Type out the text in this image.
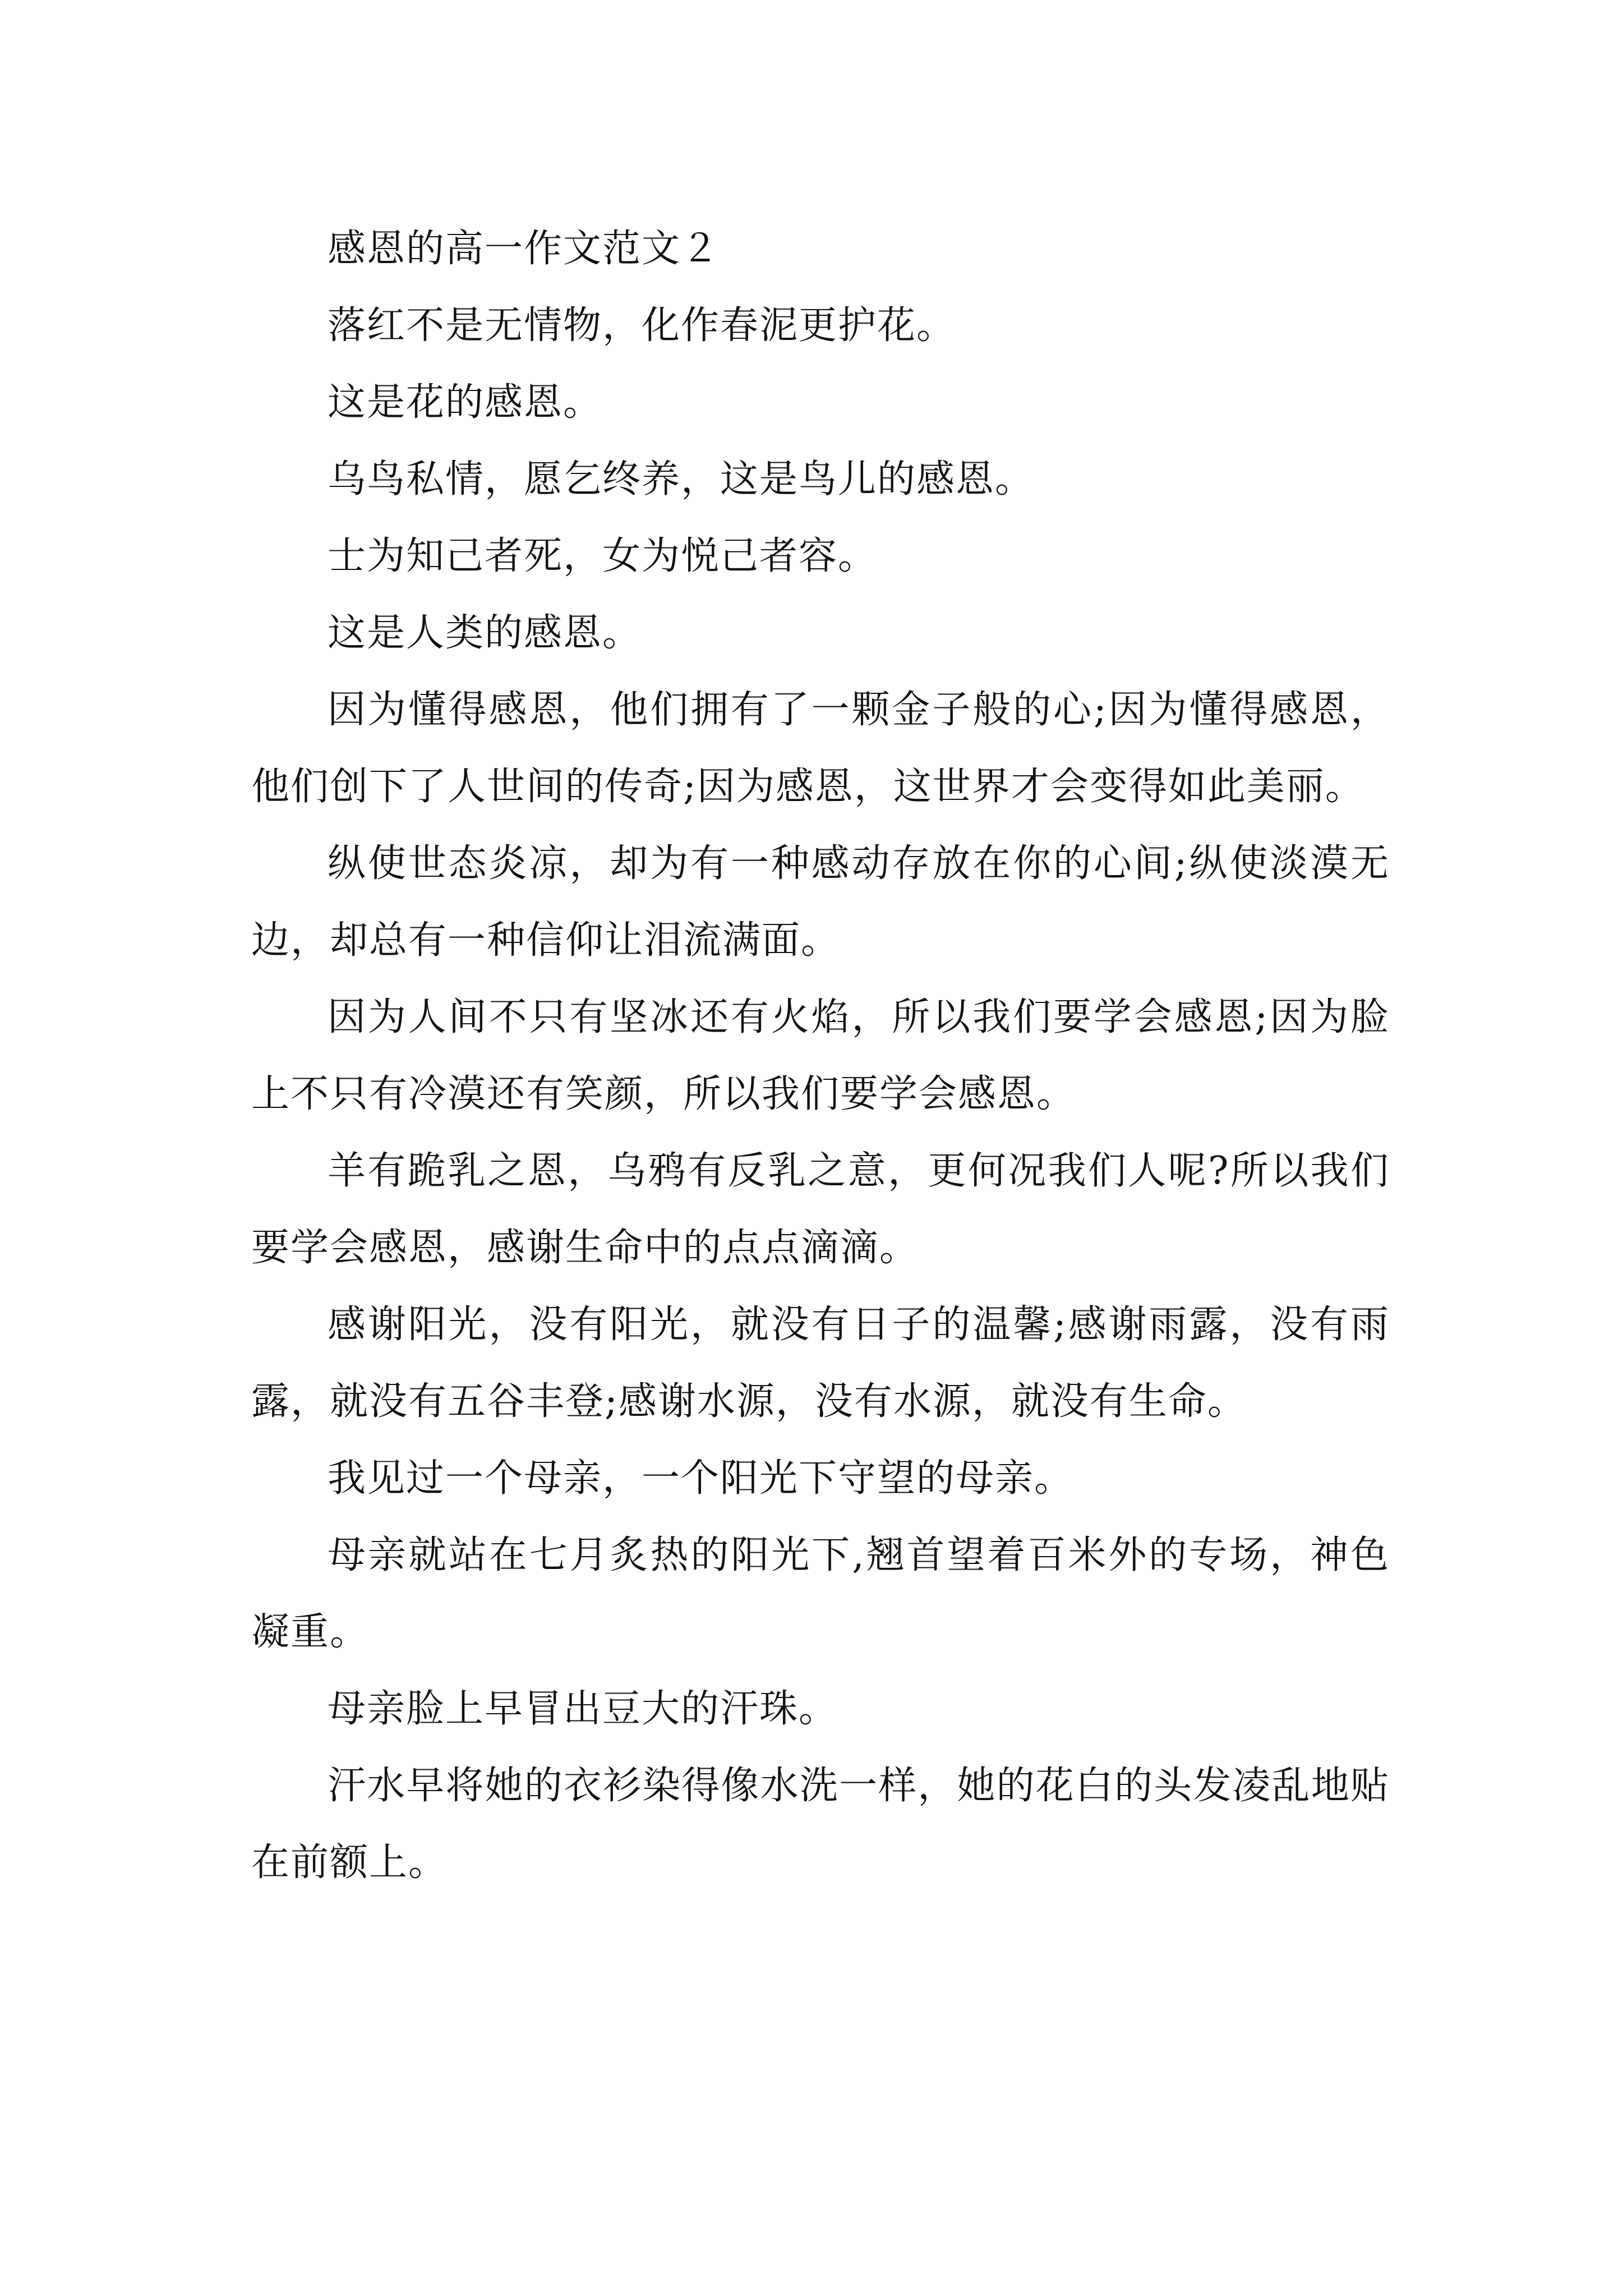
感恩的高一作文范文２

落红不是无情物，化作春泥更护花。

这是花的感恩。

乌鸟私情，愿乞终养，这是鸟儿的感恩。

士为知己者死，女为悦己者容。

这是人类的感恩。

因为懂得感恩，他们拥有了一颗金子般的心;因为懂得感恩，他们创下了人世间的传奇;因为感恩，这世界才会变得如此美丽。

纵使世态炎凉，却为有一种感动存放在你的心间;纵使淡漠无边，却总有一种信仰让泪流满面。

因为人间不只有坚冰还有火焰，所以我们要学会感恩;因为脸上不只有冷漠还有笑颜，所以我们要学会感恩。

羊有跪乳之恩，乌鸦有反乳之意，更何况我们人呢?所以我们要学会感恩，感谢生命中的点点滴滴。

感谢阳光，没有阳光，就没有日子的温馨;感谢雨露，没有雨露，就没有五谷丰登;感谢水源，没有水源，就没有生命。

我见过一个母亲，一个阳光下守望的母亲。

母亲就站在七月炙热的阳光下,翘首望着百米外的专场，神色凝重。

母亲脸上早冒出豆大的汗珠。

汗水早将她的衣衫染得像水洗一样，她的花白的头发凌乱地贴在前额上。
